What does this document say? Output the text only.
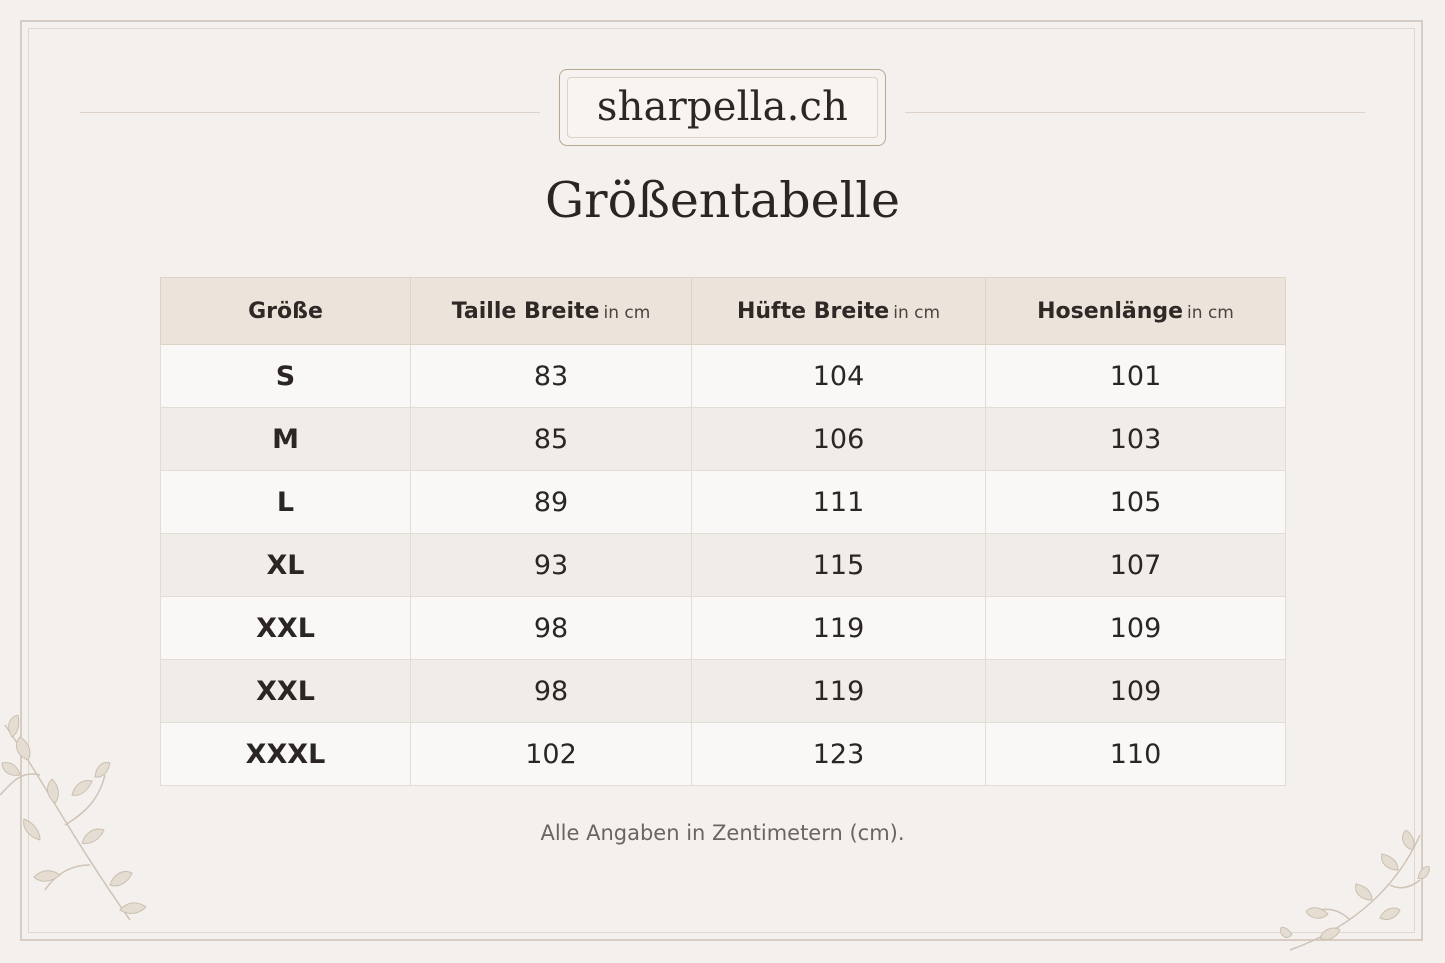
sharpella.ch
Größentabelle
Größe	Taille Breite in cm	Hüfte Breite in cm	Hosenlänge in cm
S	83	104	101
M	85	106	103
L	89	111	105
XL	93	115	107
XXL	98	119	109
XXL	98	119	109
XXXL	102	123	110
Alle Angaben in Zentimetern (cm).
